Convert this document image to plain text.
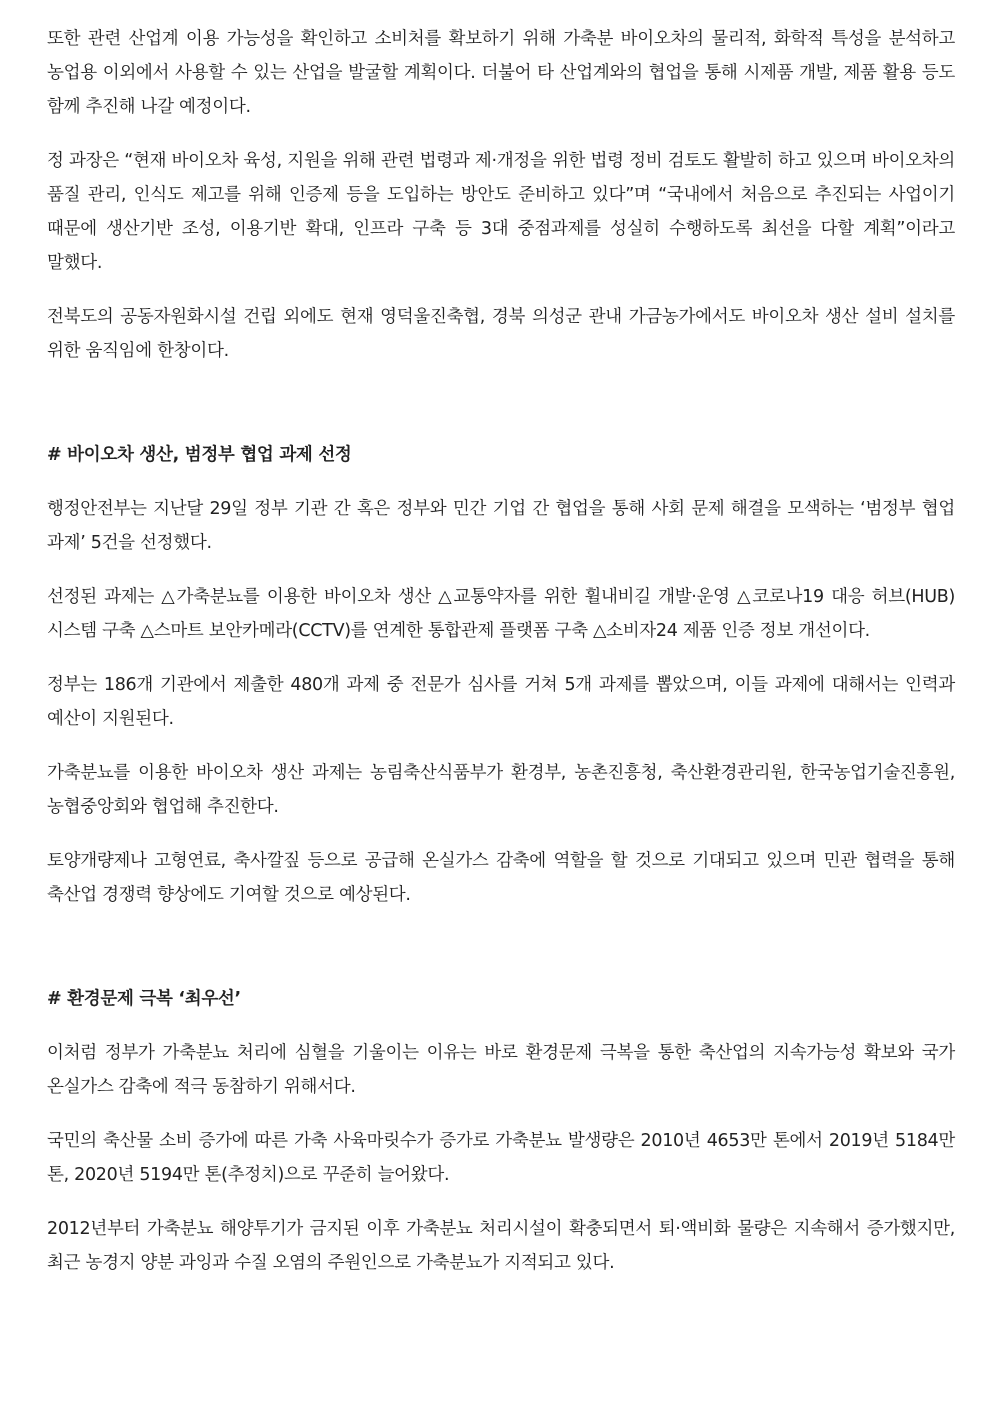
또한 관련 산업계 이용 가능성을 확인하고 소비처를 확보하기 위해 가축분 바이오차의 물리적, 화학적 특성을 분석하고 농업용 이외에서 사용할 수 있는 산업을 발굴할 계획이다. 더불어 타 산업계와의 협업을 통해 시제품 개발, 제품 활용 등도 함께 추진해 나갈 예정이다.

정 과장은 “현재 바이오차 육성, 지원을 위해 관련 법령과 제·개정을 위한 법령 정비 검토도 활발히 하고 있으며 바이오차의 품질 관리, 인식도 제고를 위해 인증제 등을 도입하는 방안도 준비하고 있다”며 “국내에서 처음으로 추진되는 사업이기 때문에 생산기반 조성, 이용기반 확대, 인프라 구축 등 3대 중점과제를 성실히 수행하도록 최선을 다할 계획”이라고 말했다.

전북도의 공동자원화시설 건립 외에도 현재 영덕울진축협, 경북 의성군 관내 가금농가에서도 바이오차 생산 설비 설치를 위한 움직임에 한창이다.

# 바이오차 생산, 범정부 협업 과제 선정

행정안전부는 지난달 29일 정부 기관 간 혹은 정부와 민간 기업 간 협업을 통해 사회 문제 해결을 모색하는 ‘범정부 협업 과제’ 5건을 선정했다.

선정된 과제는 △가축분뇨를 이용한 바이오차 생산 △교통약자를 위한 휠내비길 개발·운영 △코로나19 대응 허브(HUB) 시스템 구축 △스마트 보안카메라(CCTV)를 연계한 통합관제 플랫폼 구축 △소비자24 제품 인증 정보 개선이다.

정부는 186개 기관에서 제출한 480개 과제 중 전문가 심사를 거쳐 5개 과제를 뽑았으며, 이들 과제에 대해서는 인력과 예산이 지원된다.

가축분뇨를 이용한 바이오차 생산 과제는 농림축산식품부가 환경부, 농촌진흥청, 축산환경관리원, 한국농업기술진흥원, 농협중앙회와 협업해 추진한다.

토양개량제나 고형연료, 축사깔짚 등으로 공급해 온실가스 감축에 역할을 할 것으로 기대되고 있으며 민관 협력을 통해 축산업 경쟁력 향상에도 기여할 것으로 예상된다.

# 환경문제 극복 ‘최우선’

이처럼 정부가 가축분뇨 처리에 심혈을 기울이는 이유는 바로 환경문제 극복을 통한 축산업의 지속가능성 확보와 국가 온실가스 감축에 적극 동참하기 위해서다.

국민의 축산물 소비 증가에 따른 가축 사육마릿수가 증가로 가축분뇨 발생량은 2010년 4653만 톤에서 2019년 5184만 톤, 2020년 5194만 톤(추정치)으로 꾸준히 늘어왔다.

2012년부터 가축분뇨 해양투기가 금지된 이후 가축분뇨 처리시설이 확충되면서 퇴·액비화 물량은 지속해서 증가했지만, 최근 농경지 양분 과잉과 수질 오염의 주원인으로 가축분뇨가 지적되고 있다.
